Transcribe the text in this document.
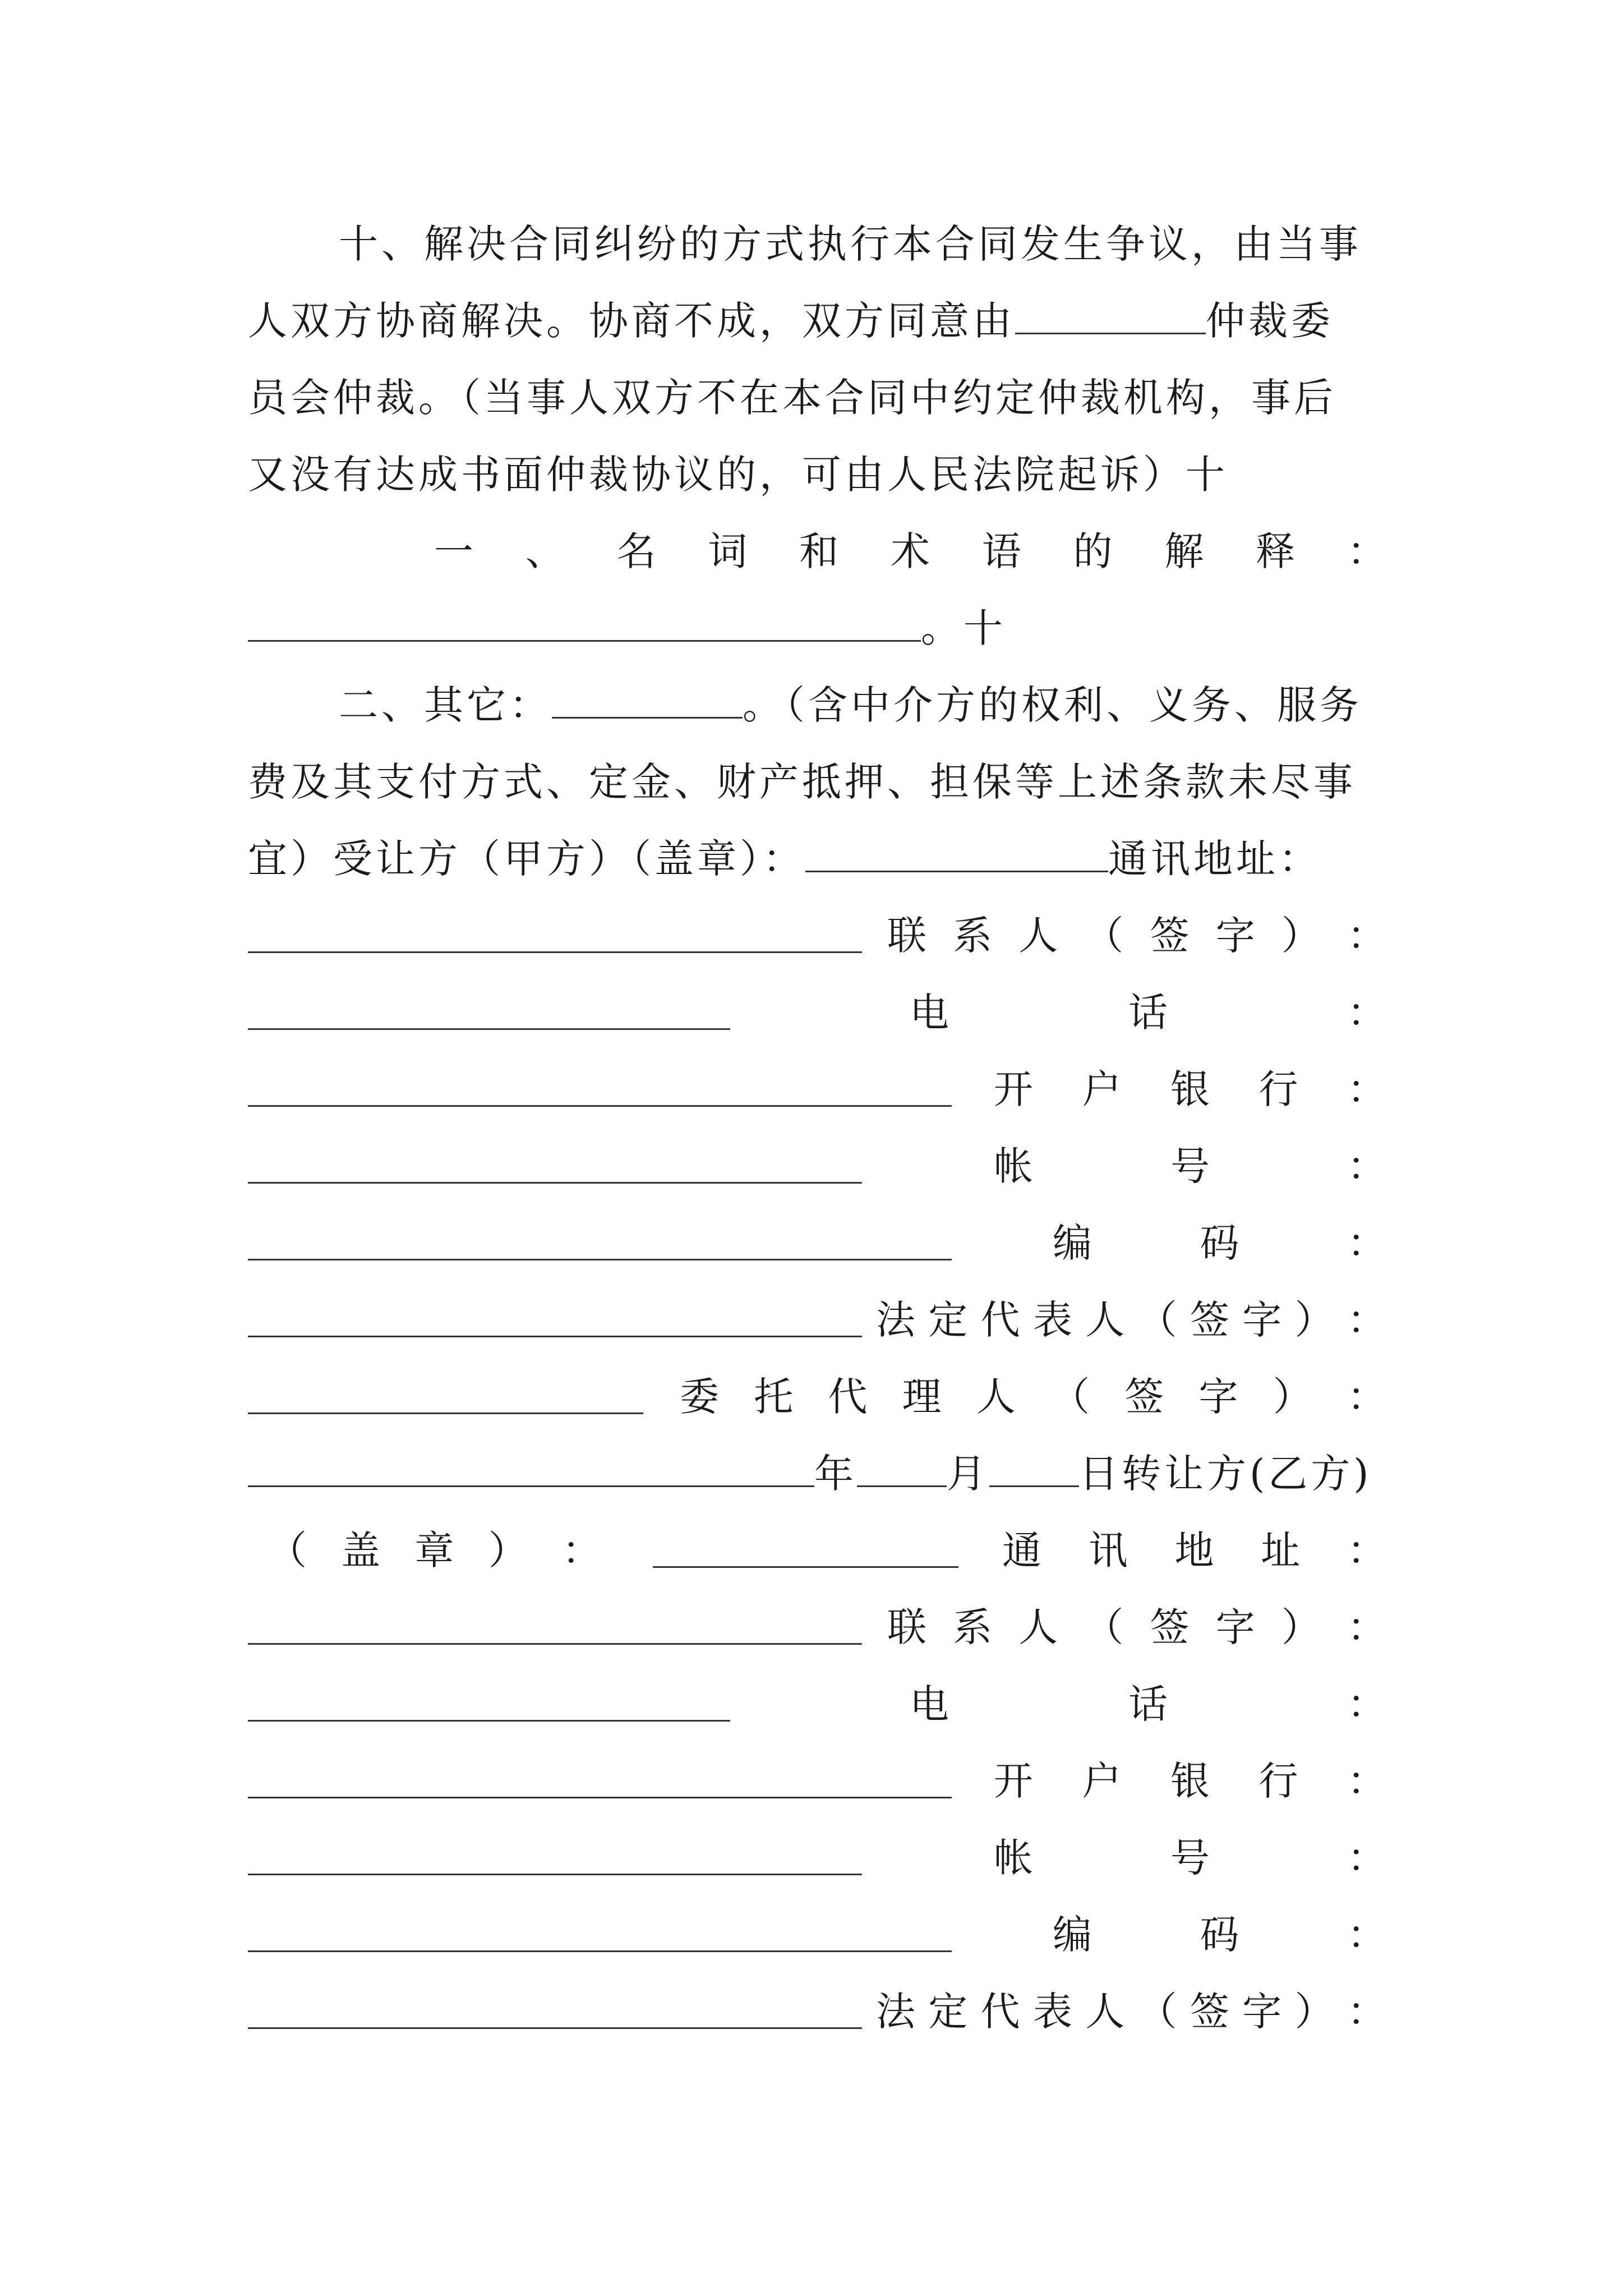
十、解决合同纠纷的方式执行本合同发生争议，由当事
人双方协商解决。协商不成，双方同意由	仲裁委
员会仲裁。（当事人双方不在本合同中约定仲裁机构，事后
又没有达成书面仲裁协议的，可由人民法院起诉）十
一 、 名 词 和 术 语 的 解 释 ：
。十
二、其它：	。（含中介方的权利、义务、服务
费及其支付方式、定金、财产抵押、担保等上述条款未尽事
宜）受让方（甲方）（盖章）：	通讯地址：
联 系 人 （ 签 字 ） ：
电	话	：
开 户 银 行 ：
帐	号	：
编	码	：
法 定 代 表 人 （ 签 字 ） ：
委 托 代 理 人 （ 签 字 ） ：
年 月 日转让方(乙方)
（ 盖 章 ） ：	通 讯 地 址 ：
联 系 人 （ 签 字 ） ：
电	话	：
开 户 银 行 ：
帐	号	：
编	码	：
法 定 代 表 人 （ 签 字 ） ：
